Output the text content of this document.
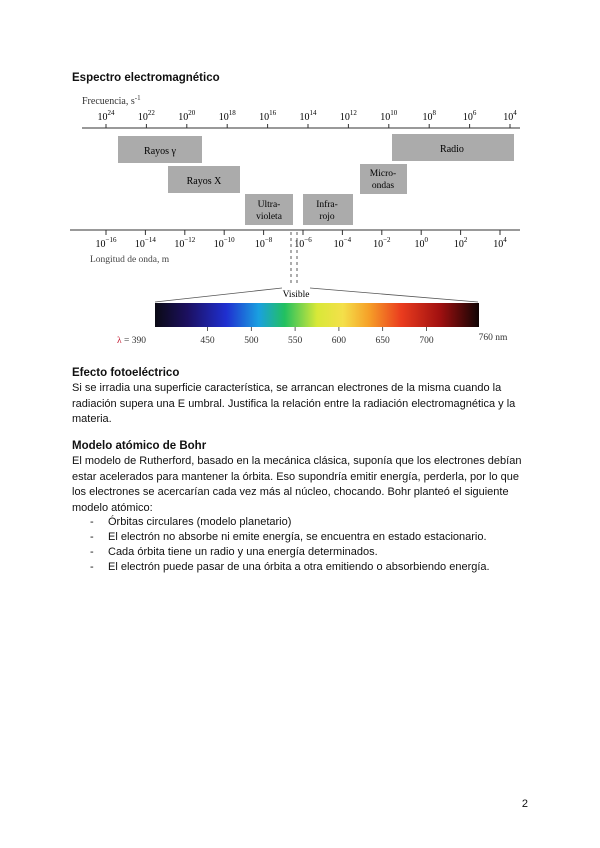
Espectro electromagnético
Frecuencia, $s^{-1}$
$10^{24}$ $10^{22}$ $10^{20}$ $10^{18}$ $10^{16}$ $10^{14}$ $10^{12}$ $10^{10}$	$10^8$	$10^6$	$10^4$
Rayos γ
Rayos X
Ultra-
violeta
Infra-
rojo
Micro-
ondas
Radio
$10^{-16}$ $10^{-14}$ $10^{-12}$ $10^{-10}$ $10^{-8}$ $10^{-6}$ $10^{-4}$ $10^{-2}$ $10^0$	$10^2$	$10^4$
Longitud de onda, m
Visible
λ = 390	450	500	550	600	650	700	760 nm
Efecto fotoeléctrico
Si se irradia una superficie característica, se arrancan electrones de la misma cuando la
radiación supera una E umbral. Justifica la relación entre la radiación electromagnética y la
materia.
Modelo atómico de Bohr
El modelo de Rutherford, basado en la mecánica clásica, suponía que los electrones debían
estar acelerados para mantener la órbita. Eso supondría emitir energía, perderla, por lo que
los electrones se acercarían cada vez más al núcleo, chocando. Bohr planteó el siguiente
modelo atómico:
- Órbitas circulares (modelo planetario)
- El electrón no absorbe ni emite energía, se encuentra en estado estacionario.
- Cada órbita tiene un radio y una energía determinados.
- El electrón puede pasar de una órbita a otra emitiendo o absorbiendo energía.
2
